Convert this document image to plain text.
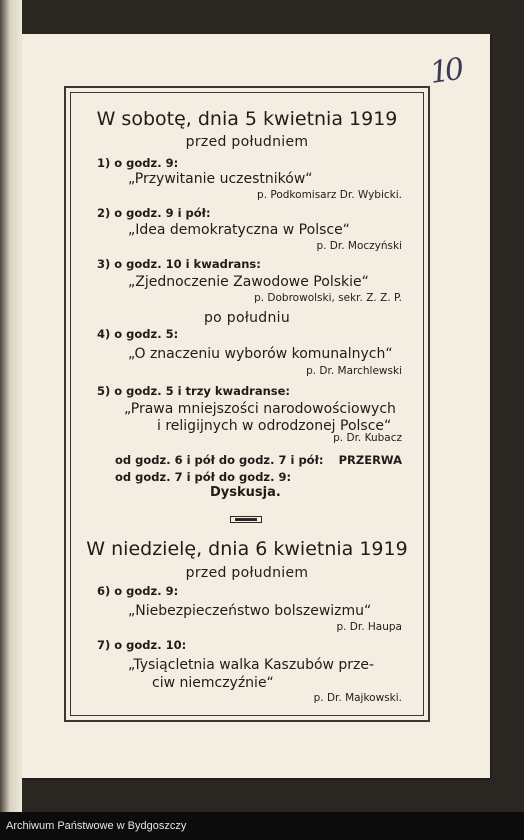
10
W sobotę, dnia 5 kwietnia 1919
przed południem
1) o godz. 9:
„Przywitanie uczestników“
p. Podkomisarz Dr. Wybicki.
2) o godz. 9 i pół:
„Idea demokratyczna w Polsce“
p. Dr. Moczyński
3) o godz. 10 i kwadrans:
„Zjednoczenie Zawodowe Polskie“
p. Dobrowolski, sekr. Z. Z. P.
po południu
4) o godz. 5:
„O znaczeniu wyborów komunalnych“
p. Dr. Marchlewski
5) o godz. 5 i trzy kwadranse:
„Prawa mniejszości narodowościowych
i religijnych w odrodzonej Polsce“
p. Dr. Kubacz
od godz. 6 i pół do godz. 7 i pół: PRZERWA
od godz. 7 i pół do godz. 9:
Dyskusja.
W niedzielę, dnia 6 kwietnia 1919
przed południem
6) o godz. 9:
„Niebezpieczeństwo bolszewizmu“
p. Dr. Haupa
7) o godz. 10:
„Tysiącletnia walka Kaszubów prze-
ciw niemczyźnie“
p. Dr. Majkowski.
Archiwum Państwowe w Bydgoszczy
